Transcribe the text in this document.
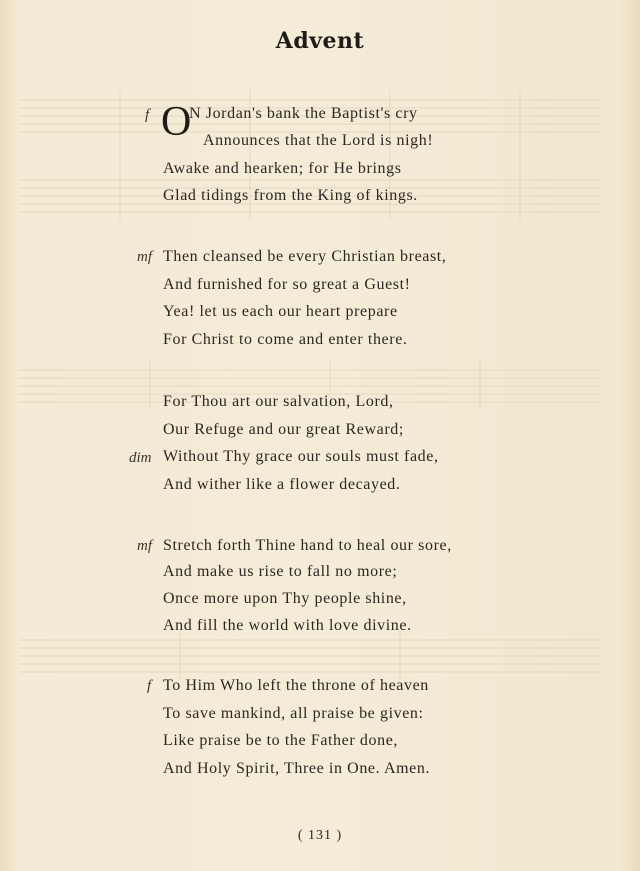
Advent
f O
N Jordan's bank the Baptist's cry
Announces that the Lord is nigh!
Awake and hearken; for He brings
Glad tidings from the King of kings.
mf Then cleansed be every Christian breast,
And furnished for so great a Guest!
Yea! let us each our heart prepare
For Christ to come and enter there.
For Thou art our salvation, Lord,
Our Refuge and our great Reward;
dim Without Thy grace our souls must fade,
And wither like a flower decayed.
mf Stretch forth Thine hand to heal our sore,
And make us rise to fall no more;
Once more upon Thy people shine,
And fill the world with love divine.
f To Him Who left the throne of heaven
To save mankind, all praise be given:
Like praise be to the Father done,
And Holy Spirit, Three in One. Amen.
( 131 )
